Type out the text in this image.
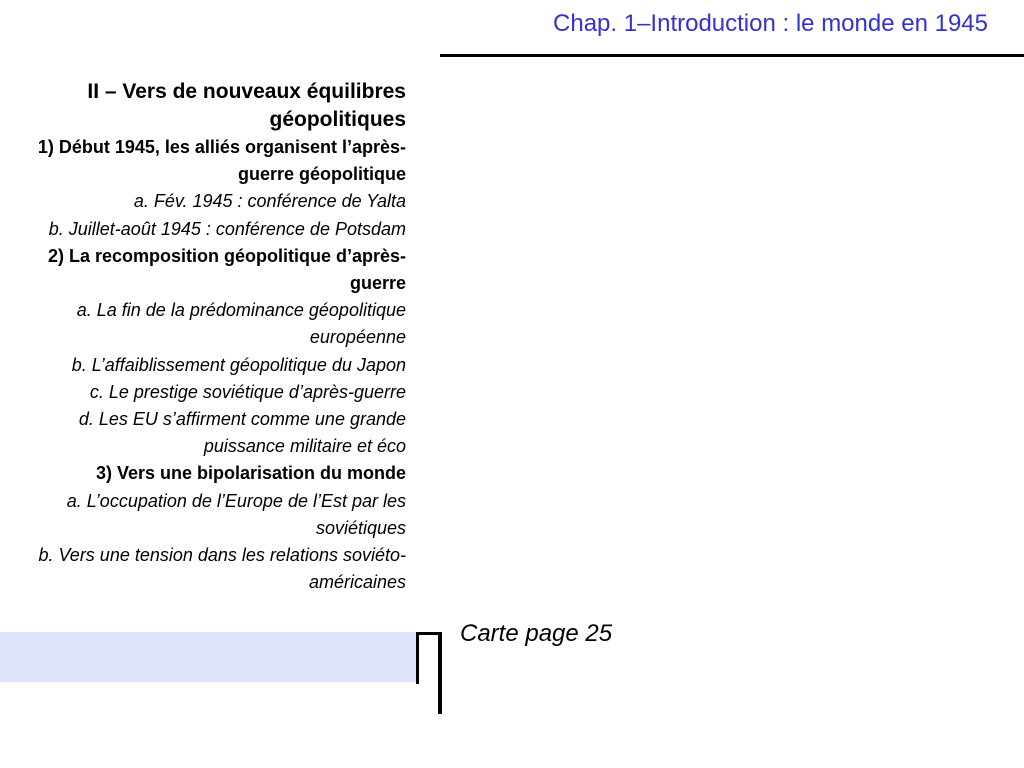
Chap. 1–Introduction : le monde en 1945
II – Vers de nouveaux équilibres géopolitiques
1) Début 1945, les alliés organisent l’après-guerre géopolitique
a. Fév. 1945 : conférence de Yalta
b. Juillet-août 1945 : conférence de Potsdam
2) La recomposition géopolitique d’après-guerre
a. La fin de la prédominance géopolitique européenne
b. L’affaiblissement géopolitique du Japon
c. Le prestige soviétique d’après-guerre
d. Les EU s’affirment comme une grande puissance militaire et éco
3) Vers une bipolarisation du monde
a. L’occupation de l’Europe de l’Est par les soviétiques
b. Vers une tension dans les relations soviéto-américaines
Carte page 25
